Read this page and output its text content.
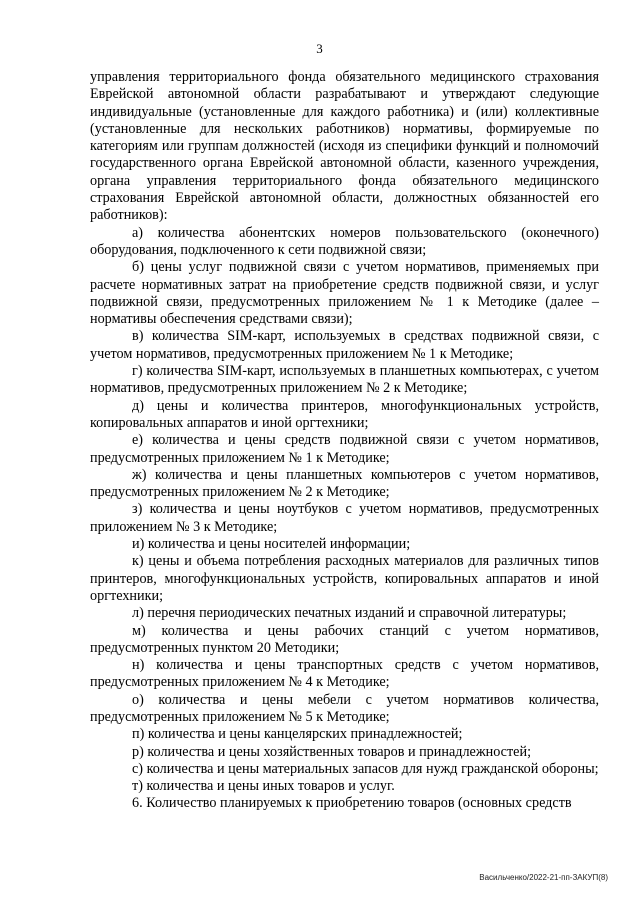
3

управления территориального фонда обязательного медицинского страхования Еврейской автономной области разрабатывают и утверждают следующие индивидуальные (установленные для каждого работника) и (или) коллективные (установленные для нескольких работников) нормативы, формируемые по категориям или группам должностей (исходя из специфики функций и полномочий государственного органа Еврейской автономной области, казенного учреждения, органа управления территориального фонда обязательного медицинского страхования Еврейской автономной области, должностных обязанностей его работников):

а) количества абонентских номеров пользовательского (оконечного) оборудования, подключенного к сети подвижной связи;

б) цены услуг подвижной связи с учетом нормативов, применяемых при расчете нормативных затрат на приобретение средств подвижной связи, и услуг подвижной связи, предусмотренных приложением № 1 к Методике (далее – нормативы обеспечения средствами связи);

в) количества SIM-карт, используемых в средствах подвижной связи, с учетом нормативов, предусмотренных приложением № 1 к Методике;

г) количества SIM-карт, используемых в планшетных компьютерах, с учетом нормативов, предусмотренных приложением № 2 к Методике;

д) цены и количества принтеров, многофункциональных устройств, копировальных аппаратов и иной оргтехники;

е) количества и цены средств подвижной связи с учетом нормативов, предусмотренных приложением № 1 к Методике;

ж) количества и цены планшетных компьютеров с учетом нормативов, предусмотренных приложением № 2 к Методике;

з) количества и цены ноутбуков с учетом нормативов, предусмотренных приложением № 3 к Методике;

и) количества и цены носителей информации;

к) цены и объема потребления расходных материалов для различных типов принтеров, многофункциональных устройств, копировальных аппаратов и иной оргтехники;

л) перечня периодических печатных изданий и справочной литературы;

м) количества и цены рабочих станций с учетом нормативов, предусмотренных пунктом 20 Методики;

н) количества и цены транспортных средств с учетом нормативов, предусмотренных приложением № 4 к Методике;

о) количества и цены мебели с учетом нормативов количества, предусмотренных приложением № 5 к Методике;

п) количества и цены канцелярских принадлежностей;

р) количества и цены хозяйственных товаров и принадлежностей;

с) количества и цены материальных запасов для нужд гражданской обороны;

т) количества и цены иных товаров и услуг.

6. Количество планируемых к приобретению товаров (основных средств

Васильченко/2022-21-пп-ЗАКУП(8)
